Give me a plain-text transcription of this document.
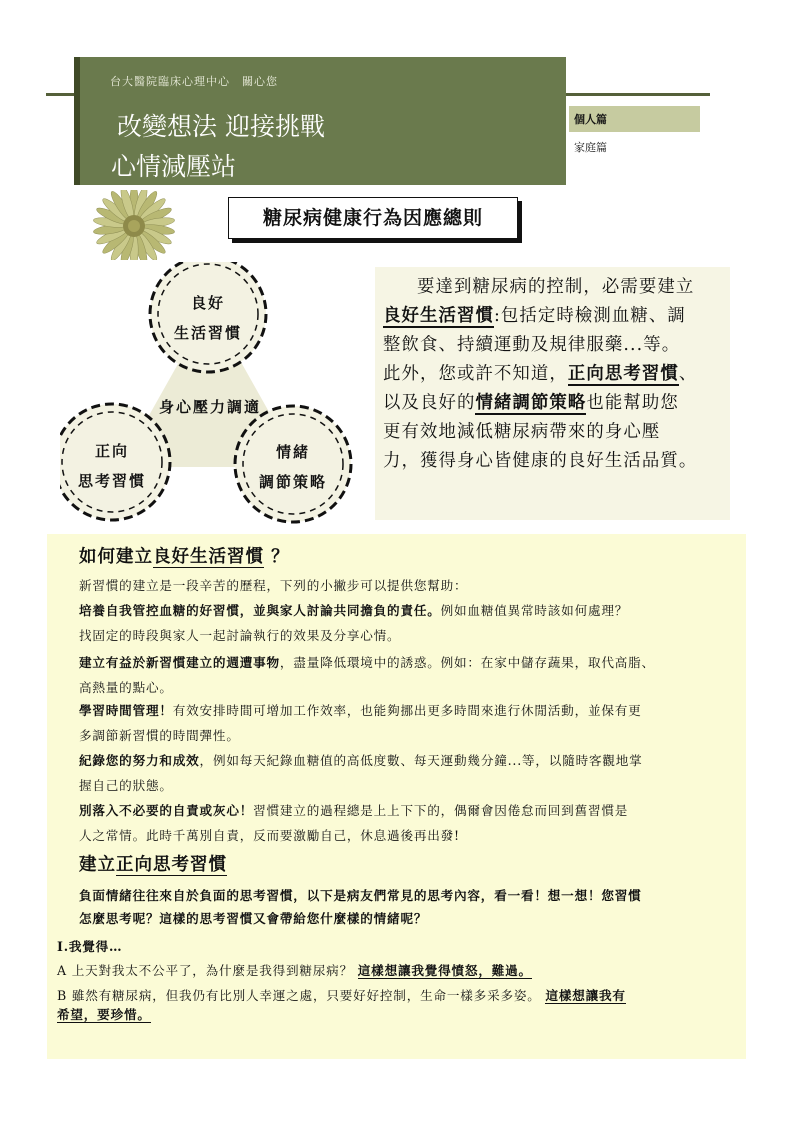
台大醫院臨床心理中心　關心您
改變想法 迎接挑戰
心情減壓站
個人篇
家庭篇
糖尿病健康行為因應總則
良好
生活習慣
身心壓力調適
正向
思考習慣
情緒
調節策略
要達到糖尿病的控制，必需要建立
良好生活習慣:包括定時檢測血糖、調
整飲食、持續運動及規律服藥...等。
此外，您或許不知道，正向思考習慣、
以及良好的情緒調節策略也能幫助您
更有效地減低糖尿病帶來的身心壓
力，獲得身心皆健康的良好生活品質。
如何建立良好生活習慣 ？
新習慣的建立是一段辛苦的歷程，下列的小撇步可以提供您幫助：
培養自我管控血糖的好習慣，並與家人討論共同擔負的責任。例如血糖值異常時該如何處理？
找固定的時段與家人一起討論執行的效果及分享心情。
建立有益於新習慣建立的週遭事物，盡量降低環境中的誘惑。例如：在家中儲存蔬果，取代高脂、
高熱量的點心。
學習時間管理！有效安排時間可增加工作效率，也能夠挪出更多時間來進行休閒活動，並保有更
多調節新習慣的時間彈性。
紀錄您的努力和成效，例如每天紀錄血糖值的高低度數、每天運動幾分鐘...等，以隨時客觀地掌
握自己的狀態。
別落入不必要的自責或灰心！習慣建立的過程總是上上下下的，偶爾會因倦怠而回到舊習慣是
人之常情。此時千萬別自責，反而要激勵自己，休息過後再出發!
建立正向思考習慣
負面情緒往往來自於負面的思考習慣，以下是病友們常見的思考內容，看一看！想一想！您習慣
怎麼思考呢？這樣的思考習慣又會帶給您什麼樣的情緒呢？
I.我覺得…
A 上天對我太不公平了，為什麼是我得到糖尿病？ 這樣想讓我覺得憤怒，難過。
B 雖然有糖尿病，但我仍有比別人幸運之處，只要好好控制，生命一樣多采多姿。 這樣想讓我有
希望，要珍惜。
